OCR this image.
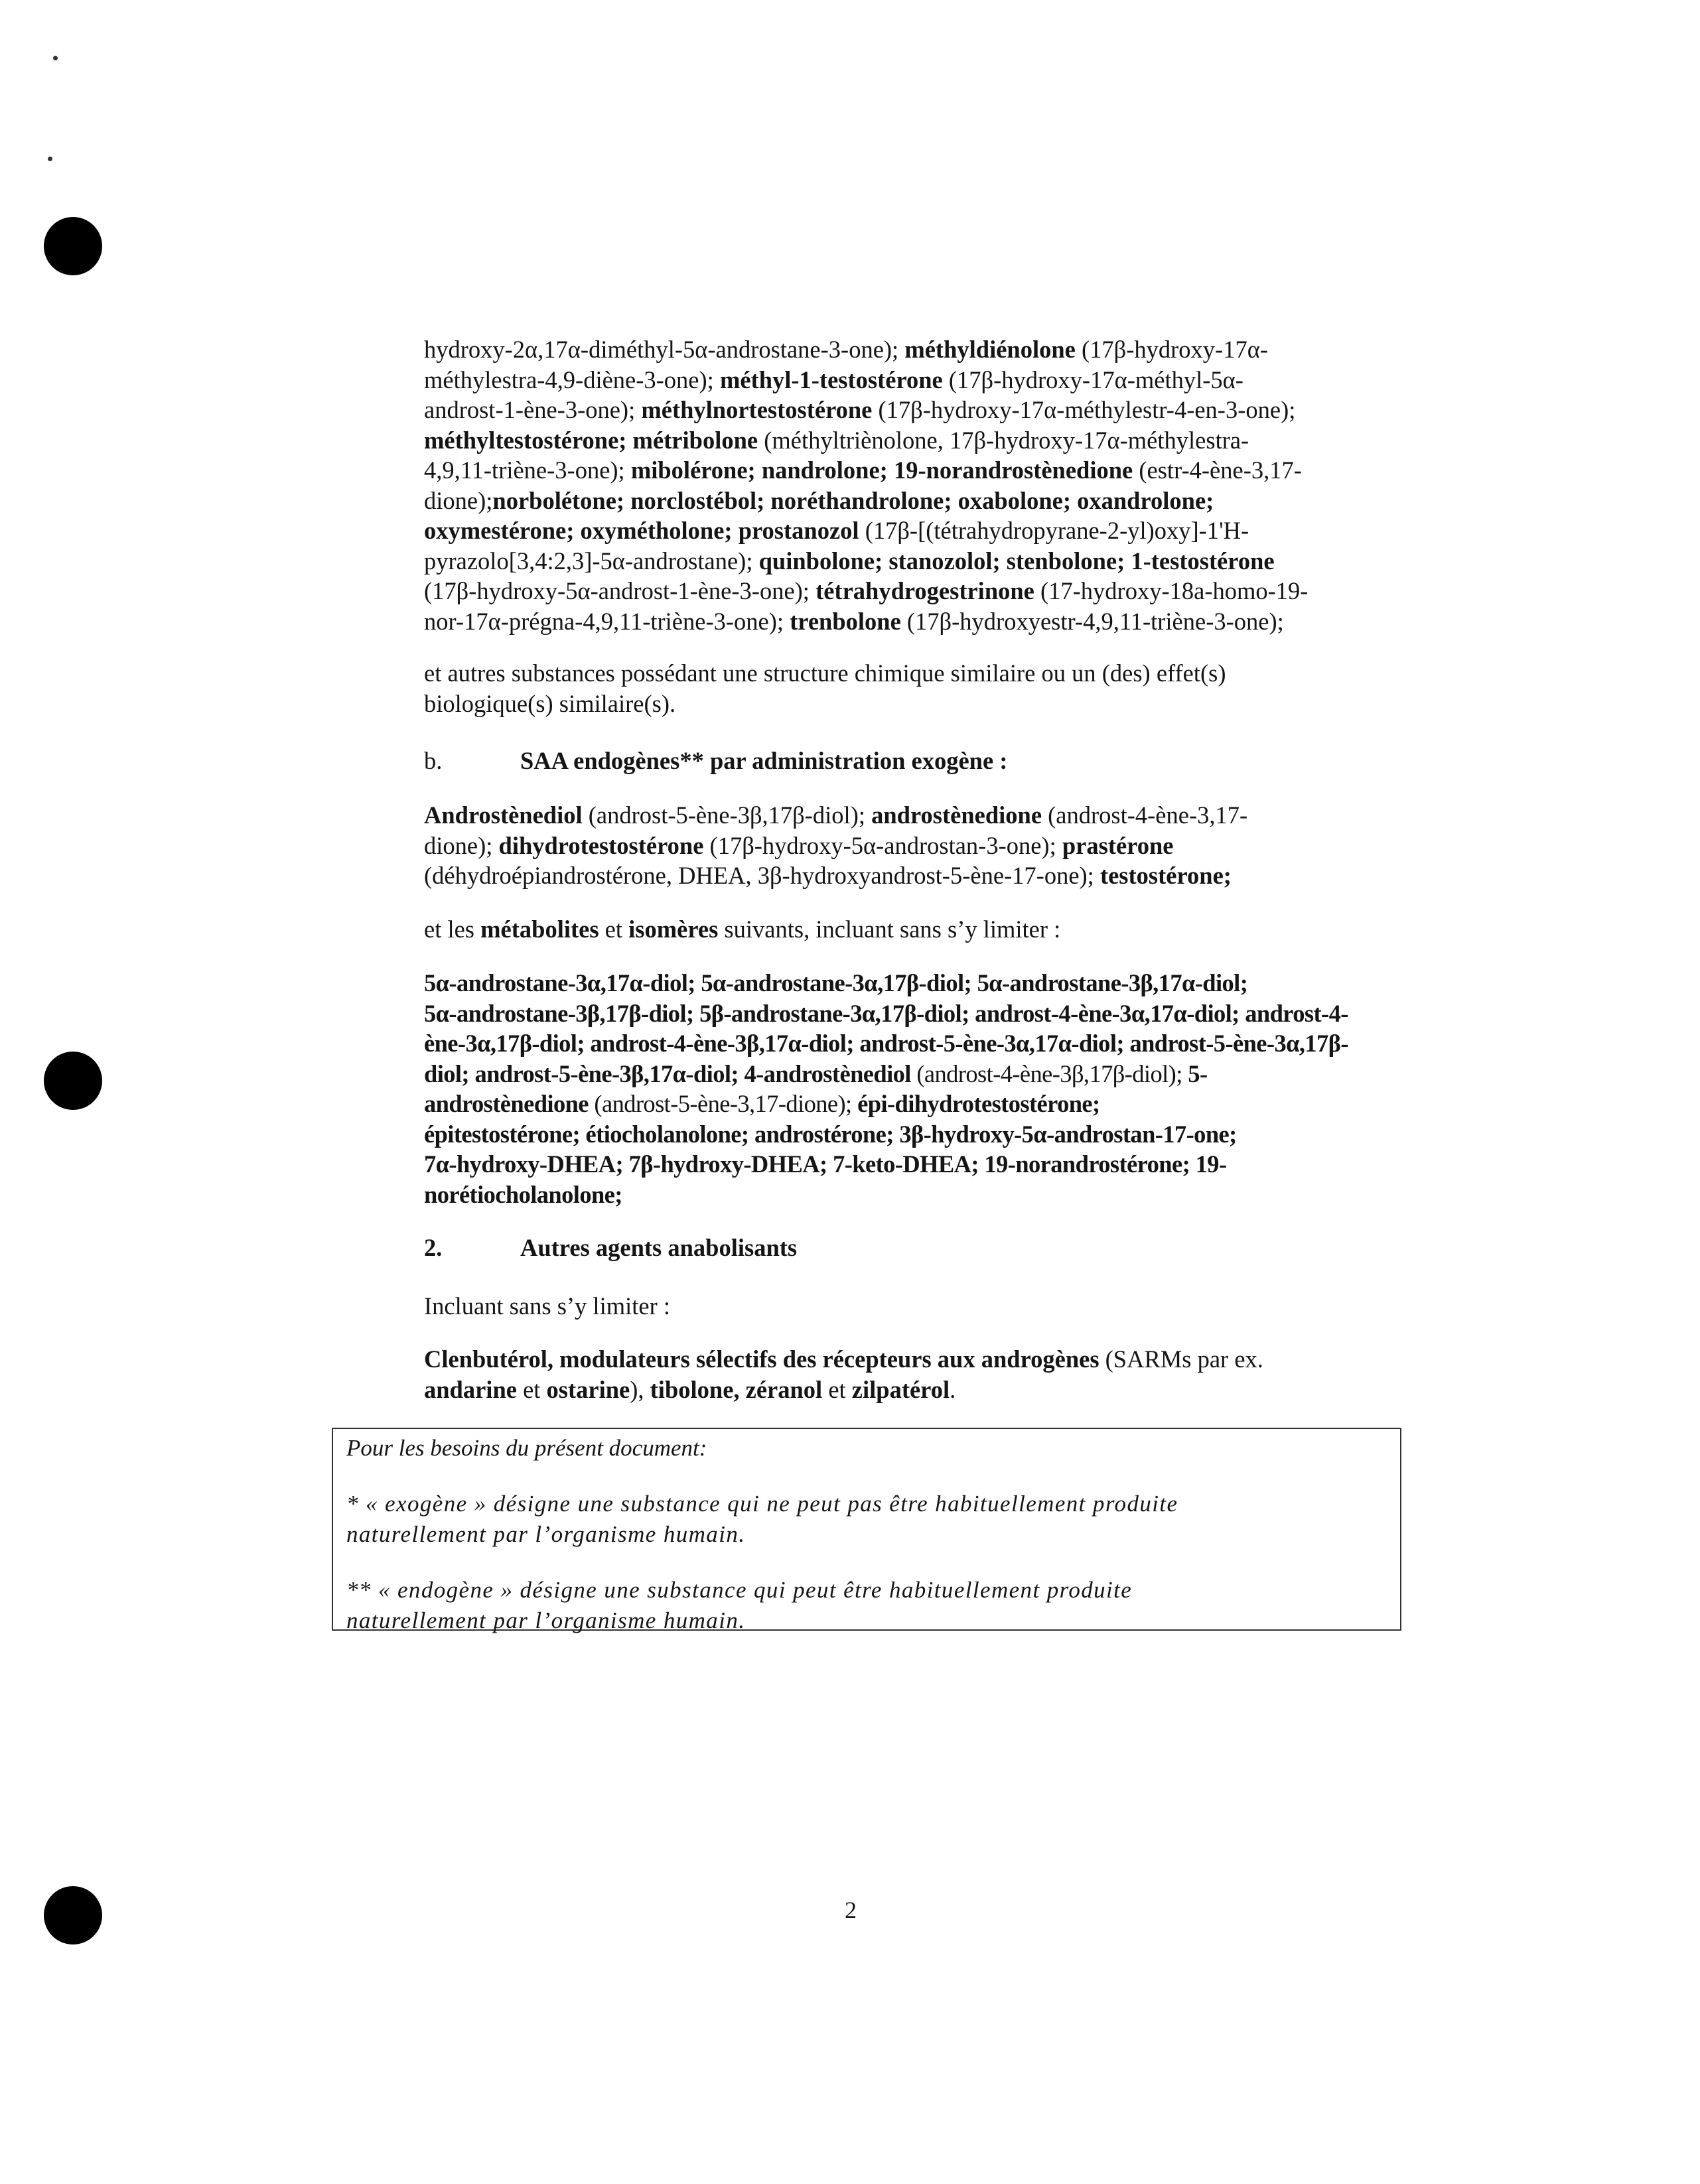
hydroxy-2α,17α-diméthyl-5α-androstane-3-one); méthyldiénolone (17β-hydroxy-17α-
méthylestra-4,9-diène-3-one); méthyl-1-testostérone (17β-hydroxy-17α-méthyl-5α-
androst-1-ène-3-one); méthylnortestostérone (17β-hydroxy-17α-méthylestr-4-en-3-one);
méthyltestostérone; métribolone (méthyltriènolone, 17β-hydroxy-17α-méthylestra-
4,9,11-triène-3-one); mibolérone; nandrolone; 19-norandrostènedione (estr-4-ène-3,17-
dione);norbolétone; norclostébol; noréthandrolone; oxabolone; oxandrolone;
oxymestérone; oxymétholone; prostanozol (17β-[(tétrahydropyrane-2-yl)oxy]-1'H-
pyrazolo[3,4:2,3]-5α-androstane); quinbolone; stanozolol; stenbolone; 1-testostérone
(17β-hydroxy-5α-androst-1-ène-3-one); tétrahydrogestrinone (17-hydroxy-18a-homo-19-
nor-17α-prégna-4,9,11-triène-3-one); trenbolone (17β-hydroxyestr-4,9,11-triène-3-one);
et autres substances possédant une structure chimique similaire ou un (des) effet(s)
biologique(s) similaire(s).
b.	SAA endogènes** par administration exogène :
Androstènediol (androst-5-ène-3β,17β-diol); androstènedione (androst-4-ène-3,17-
dione); dihydrotestostérone (17β-hydroxy-5α-androstan-3-one); prastérone
(déhydroépiandrostérone, DHEA, 3β-hydroxyandrost-5-ène-17-one); testostérone;
et les métabolites et isomères suivants, incluant sans s’y limiter :
5α-androstane-3α,17α-diol; 5α-androstane-3α,17β-diol; 5α-androstane-3β,17α-diol;
5α-androstane-3β,17β-diol; 5β-androstane-3α,17β-diol; androst-4-ène-3α,17α-diol; androst-4-
ène-3α,17β-diol; androst-4-ène-3β,17α-diol; androst-5-ène-3α,17α-diol; androst-5-ène-3α,17β-
diol; androst-5-ène-3β,17α-diol; 4-androstènediol (androst-4-ène-3β,17β-diol); 5-
androstènedione (androst-5-ène-3,17-dione); épi-dihydrotestostérone;
épitestostérone; étiocholanolone; androstérone; 3β-hydroxy-5α-androstan-17-one;
7α-hydroxy-DHEA; 7β-hydroxy-DHEA; 7-keto-DHEA; 19-norandrostérone; 19-
norétiocholanolone;
2.	Autres agents anabolisants
Incluant sans s’y limiter :
Clenbutérol, modulateurs sélectifs des récepteurs aux androgènes (SARMs par ex.
andarine et ostarine), tibolone, zéranol et zilpatérol.

Pour les besoins du présent document:

* « exogène » désigne une substance qui ne peut pas être habituellement produite
naturellement par l’organisme humain.

** « endogène » désigne une substance qui peut être habituellement produite
naturellement par l’organisme humain.

2
